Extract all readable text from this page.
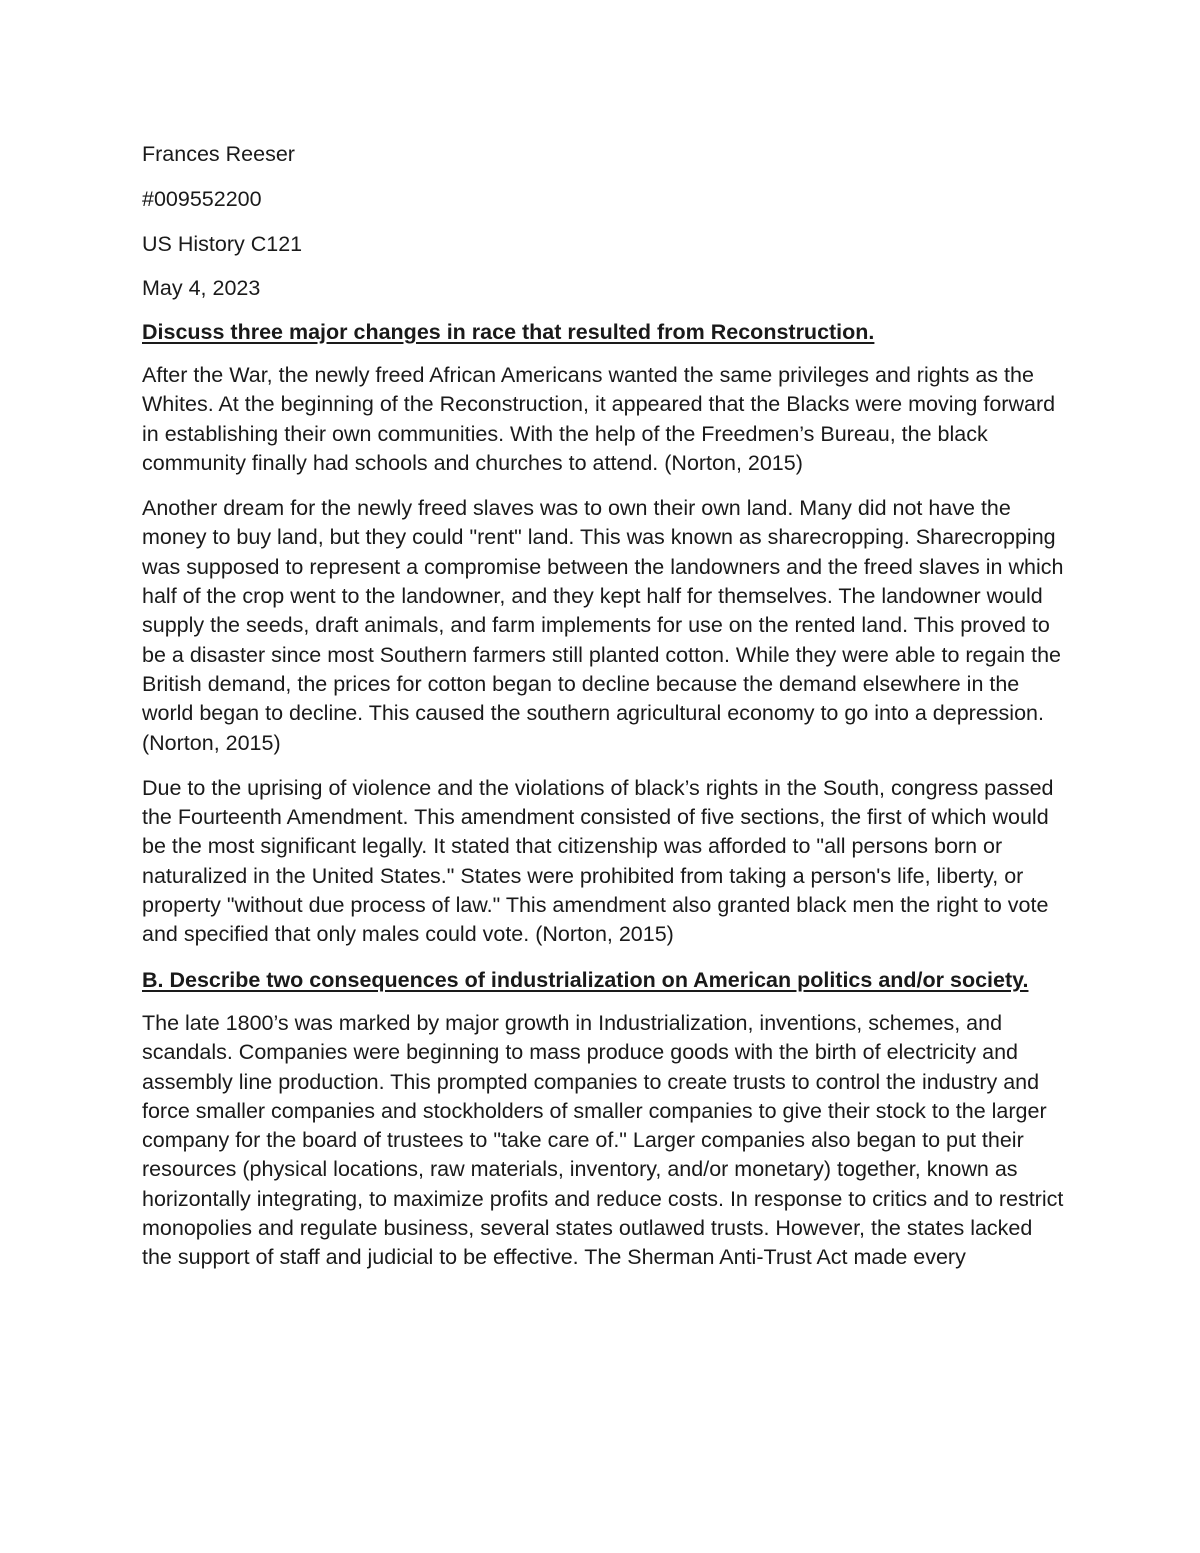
Frances Reeser

#009552200

US History C121

May 4, 2023

Discuss three major changes in race that resulted from Reconstruction.

After the War, the newly freed African Americans wanted the same privileges and rights as the Whites. At the beginning of the Reconstruction, it appeared that the Blacks were moving forward in establishing their own communities. With the help of the Freedmen’s Bureau, the black community finally had schools and churches to attend. (Norton, 2015)

Another dream for the newly freed slaves was to own their own land. Many did not have the money to buy land, but they could "rent" land. This was known as sharecropping. Sharecropping was supposed to represent a compromise between the landowners and the freed slaves in which half of the crop went to the landowner, and they kept half for themselves. The landowner would supply the seeds, draft animals, and farm implements for use on the rented land. This proved to be a disaster since most Southern farmers still planted cotton. While they were able to regain the British demand, the prices for cotton began to decline because the demand elsewhere in the world began to decline. This caused the southern agricultural economy to go into a depression. (Norton, 2015)

Due to the uprising of violence and the violations of black’s rights in the South, congress passed the Fourteenth Amendment. This amendment consisted of five sections, the first of which would be the most significant legally. It stated that citizenship was afforded to "all persons born or naturalized in the United States." States were prohibited from taking a person's life, liberty, or property "without due process of law." This amendment also granted black men the right to vote and specified that only males could vote. (Norton, 2015)

B. Describe two consequences of industrialization on American politics and/or society.

The late 1800’s was marked by major growth in Industrialization, inventions, schemes, and scandals. Companies were beginning to mass produce goods with the birth of electricity and assembly line production. This prompted companies to create trusts to control the industry and force smaller companies and stockholders of smaller companies to give their stock to the larger company for the board of trustees to "take care of." Larger companies also began to put their resources (physical locations, raw materials, inventory, and/or monetary) together, known as horizontally integrating, to maximize profits and reduce costs. In response to critics and to restrict monopolies and regulate business, several states outlawed trusts. However, the states lacked the support of staff and judicial to be effective. The Sherman Anti-Trust Act made every
